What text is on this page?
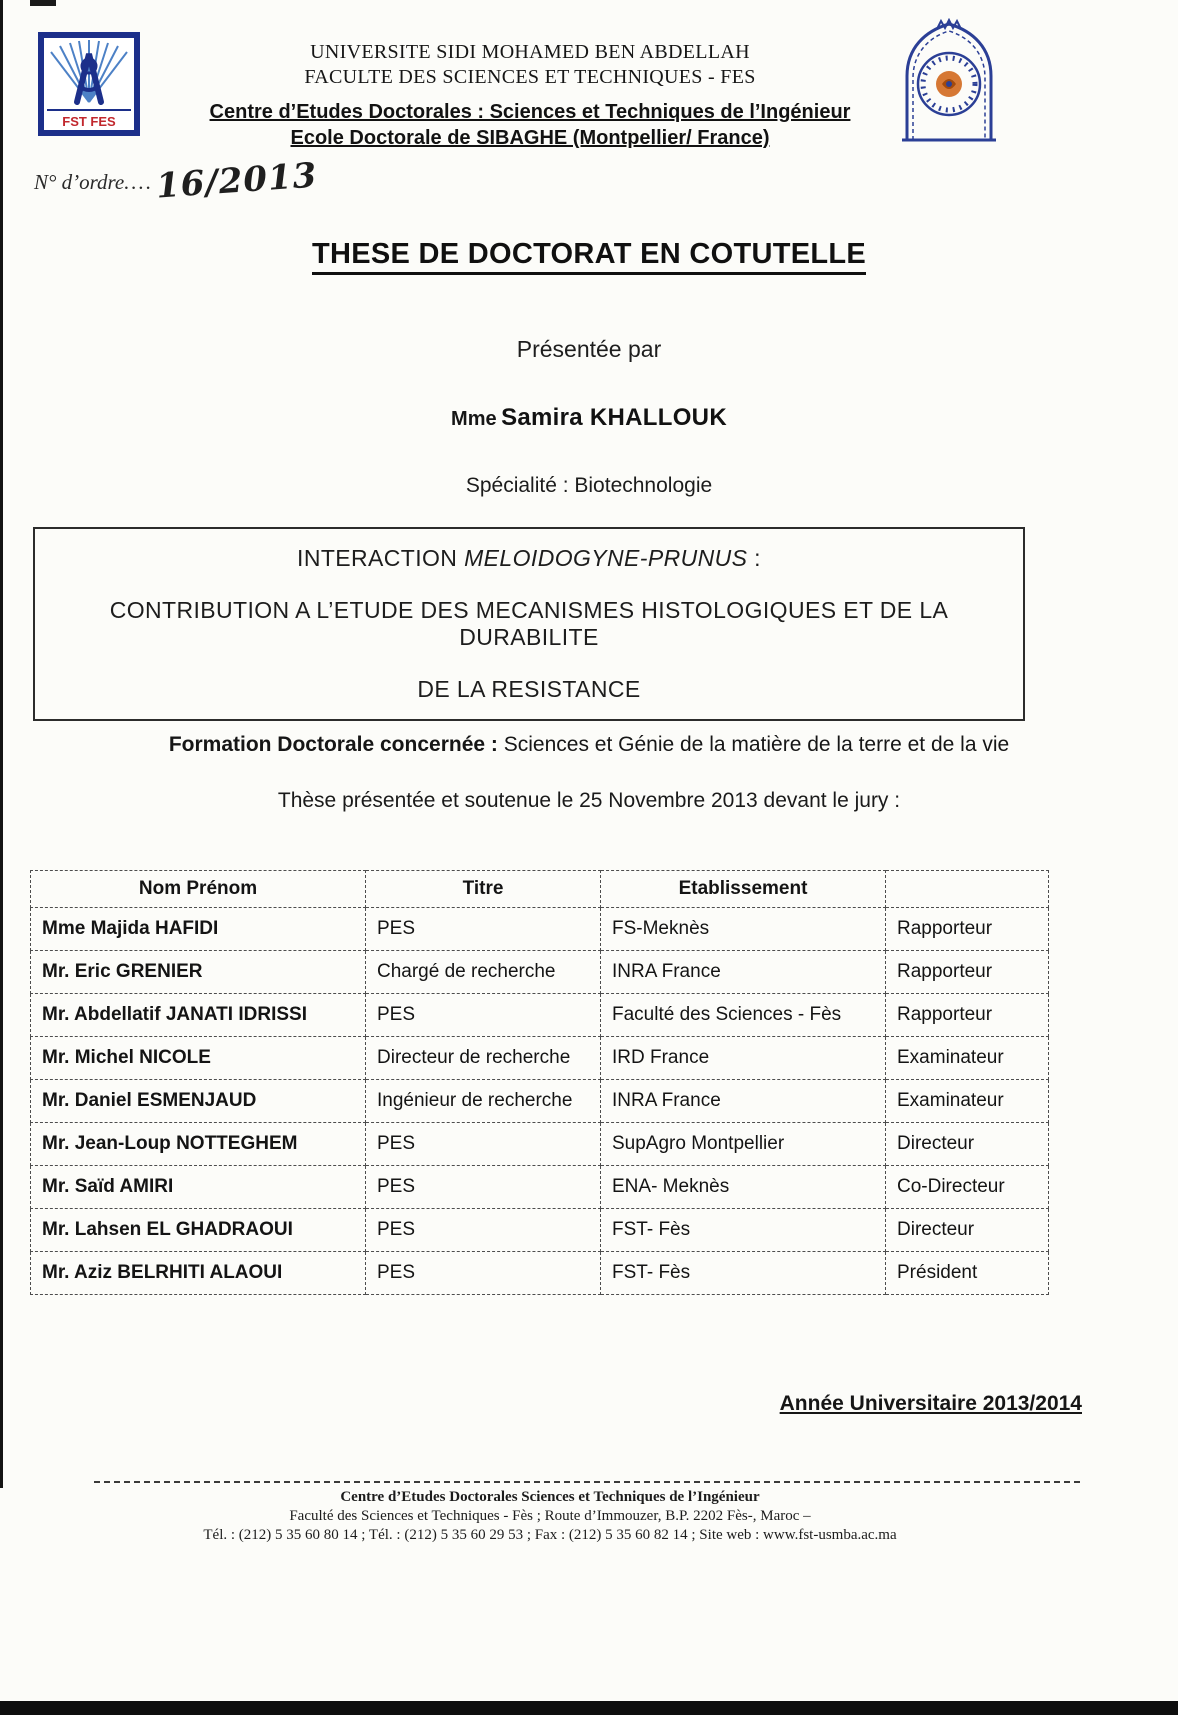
FST FES
UNIVERSITE SIDI MOHAMED BEN ABDELLAH
FACULTE DES SCIENCES ET TECHNIQUES - FES
Centre d’Etudes Doctorales : Sciences et Techniques de l’Ingénieur
Ecole Doctorale de SIBAGHE (Montpellier/ France)
N° d’ordre....16/2013
THESE DE DOCTORAT EN COTUTELLE
Présentée par
Mme Samira KHALLOUK
Spécialité : Biotechnologie
INTERACTION MELOIDOGYNE-PRUNUS :
CONTRIBUTION A L’ETUDE DES MECANISMES HISTOLOGIQUES ET DE LA DURABILITE
DE LA RESISTANCE
Formation Doctorale concernée : Sciences et Génie de la matière de la terre et de la vie
Thèse présentée et soutenue le 25 Novembre 2013 devant le jury :
Nom Prénom	Titre	Etablissement	
Mme Majida HAFIDI	PES	FS-Meknès	Rapporteur
Mr. Eric GRENIER	Chargé de recherche	INRA France	Rapporteur
Mr. Abdellatif JANATI IDRISSI	PES	Faculté des Sciences - Fès	Rapporteur
Mr. Michel NICOLE	Directeur de recherche	IRD France	Examinateur
Mr. Daniel ESMENJAUD	Ingénieur de recherche	INRA France	Examinateur
Mr. Jean-Loup NOTTEGHEM	PES	SupAgro Montpellier	Directeur
Mr. Saïd AMIRI	PES	ENA- Meknès	Co-Directeur
Mr. Lahsen EL GHADRAOUI	PES	FST- Fès	Directeur
Mr. Aziz BELRHITI ALAOUI	PES	FST- Fès	Président
Année Universitaire 2013/2014
Centre d’Etudes Doctorales Sciences et Techniques de l’Ingénieur
Faculté des Sciences et Techniques - Fès ; Route d’Immouzer, B.P. 2202 Fès-, Maroc –
Tél. : (212) 5 35 60 80 14 ; Tél. : (212) 5 35 60 29 53 ; Fax : (212) 5 35 60 82 14 ; Site web : www.fst-usmba.ac.ma
